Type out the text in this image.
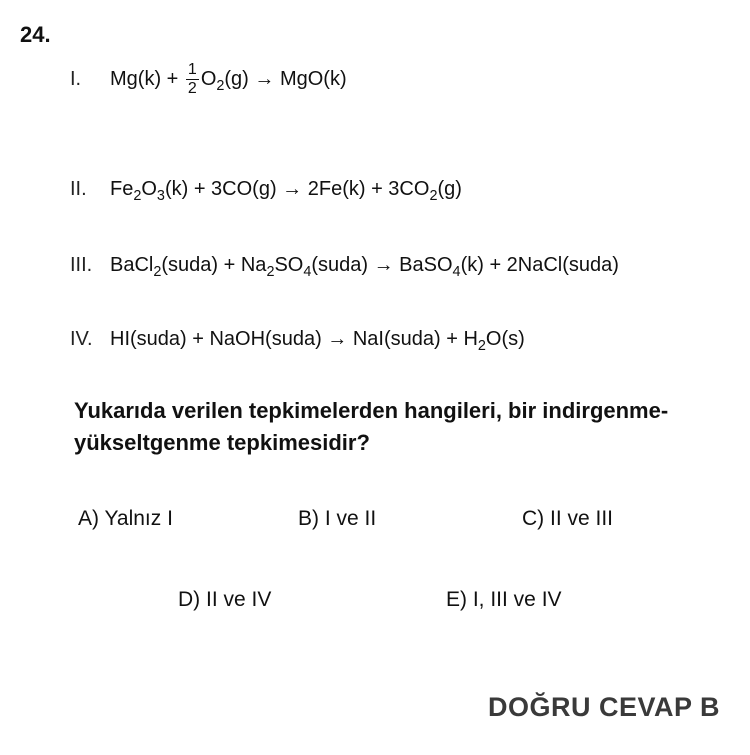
24.
I. $Mg(k) + \frac{1}{2} O_2(g) \to MgO(k)$
II. $Fe_2O_3(k) + 3CO(g) \to 2Fe(k) + 3CO_2(g)$
III. BaCl$_2$(suda) + $Na_2SO_4(suda)$ → BaSO$_4$(k) + 2NaCl(suda)
IV. HI(suda) + NaOH(suda) → NaI(suda) + $H_2O(s)$
Yukarıda verilen tepkimelerden hangileri, bir indirgenme-yükseltgenme tepkimesidir?
A) Yalnız I	B) I ve II	C) II ve III
D) II ve IV	E) I, III ve IV
DOĞRU CEVAP B
